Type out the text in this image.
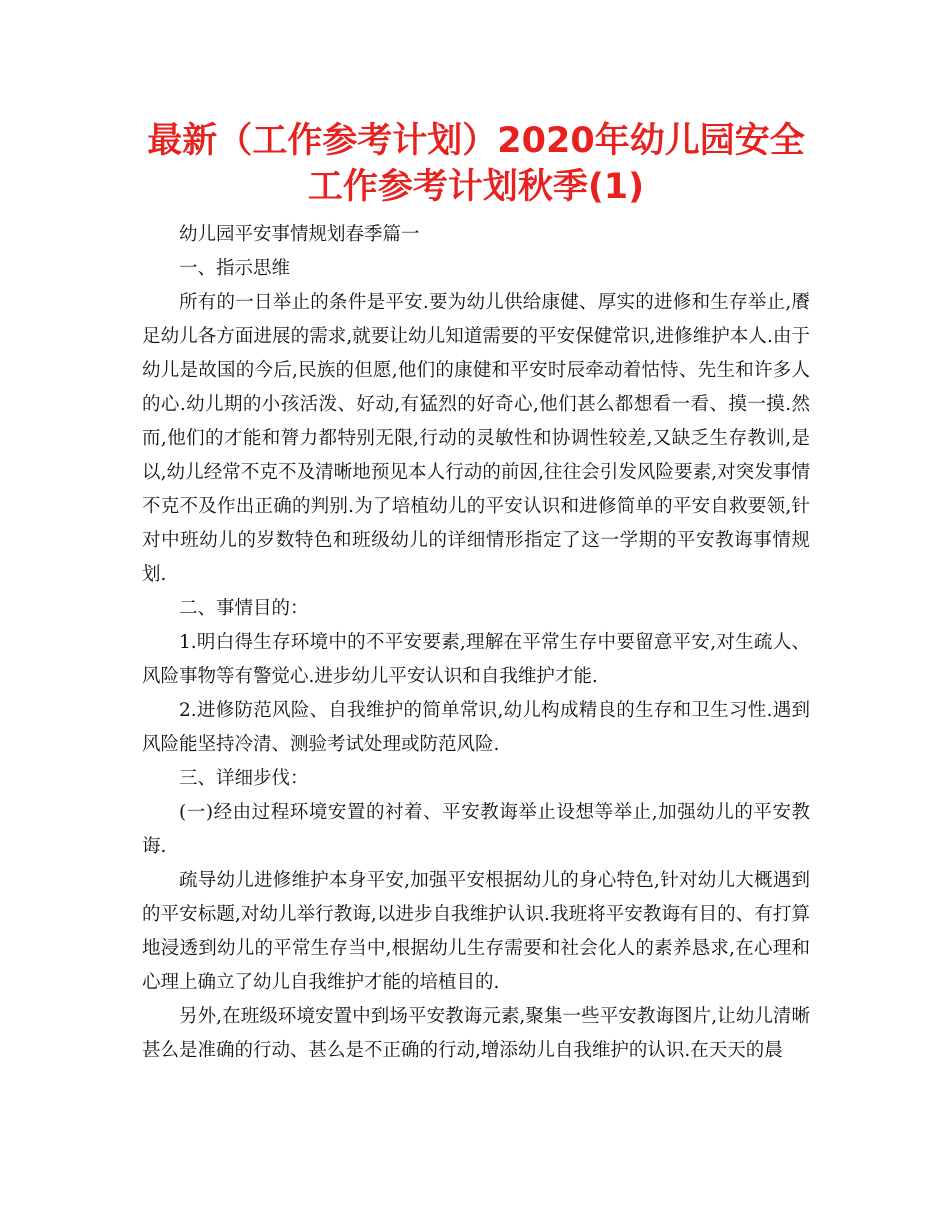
最新（工作参考计划）2020年幼儿园安全
工作参考计划秋季(1)

幼儿园平安事情规划春季篇一

一、指示思维

所有的一日举止的条件是平安.要为幼儿供给康健、厚实的进修和生存举止,餍足幼儿各方面进展的需求,就要让幼儿知道需要的平安保健常识,进修维护本人.由于幼儿是故国的今后,民族的但愿,他们的康健和平安时辰牵动着怙恃、先生和许多人的心.幼儿期的小孩活泼、好动,有猛烈的好奇心,他们甚么都想看一看、摸一摸.然而,他们的才能和膂力都特别无限,行动的灵敏性和协调性较差,又缺乏生存教训,是以,幼儿经常不克不及清晰地预见本人行动的前因,往往会引发风险要素,对突发事情不克不及作出正确的判别.为了培植幼儿的平安认识和进修简单的平安自救要领,针对中班幼儿的岁数特色和班级幼儿的详细情形指定了这一学期的平安教诲事情规划.

二、事情目的：

1.明白得生存环境中的不平安要素,理解在平常生存中要留意平安,对生疏人、风险事物等有警觉心.进步幼儿平安认识和自我维护才能.

2.进修防范风险、自我维护的简单常识,幼儿构成精良的生存和卫生习性.遇到风险能坚持冷清、测验考试处理或防范风险.

三、详细步伐：

(一)经由过程环境安置的衬着、平安教诲举止设想等举止,加强幼儿的平安教诲.

疏导幼儿进修维护本身平安,加强平安根据幼儿的身心特色,针对幼儿大概遇到的平安标题,对幼儿举行教诲,以进步自我维护认识.我班将平安教诲有目的、有打算地浸透到幼儿的平常生存当中,根据幼儿生存需要和社会化人的素养恳求,在心理和心理上确立了幼儿自我维护才能的培植目的.

另外,在班级环境安置中到场平安教诲元素,聚集一些平安教诲图片,让幼儿清晰甚么是准确的行动、甚么是不正确的行动,增添幼儿自我维护的认识.在天天的晨
